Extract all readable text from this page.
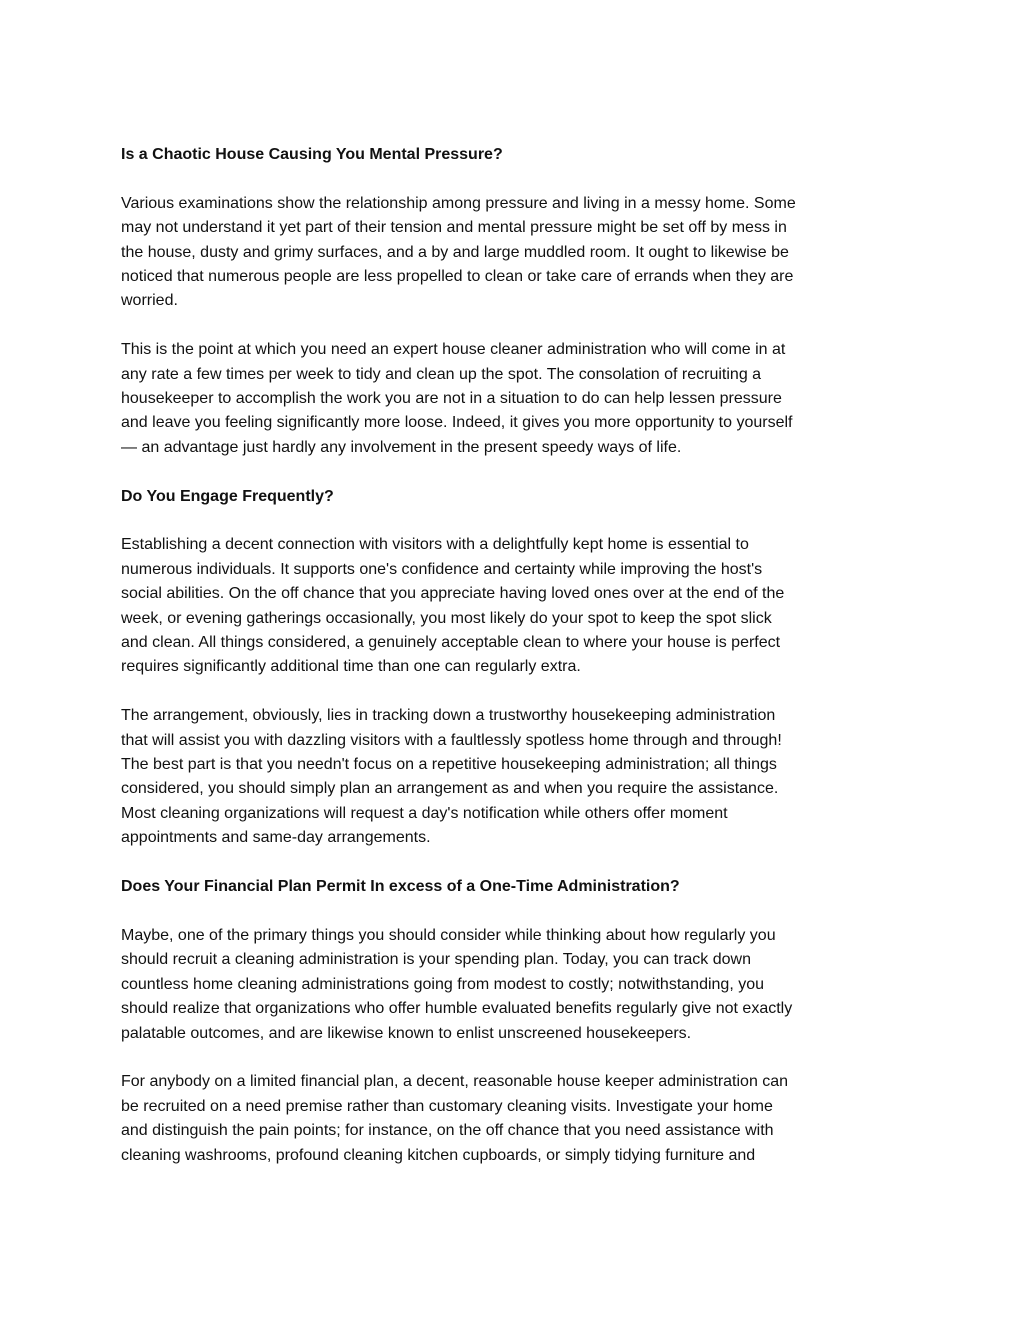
Is a Chaotic House Causing You Mental Pressure?
Various examinations show the relationship among pressure and living in a messy home. Some
may not understand it yet part of their tension and mental pressure might be set off by mess in
the house, dusty and grimy surfaces, and a by and large muddled room. It ought to likewise be
noticed that numerous people are less propelled to clean or take care of errands when they are
worried.
This is the point at which you need an expert house cleaner administration who will come in at
any rate a few times per week to tidy and clean up the spot. The consolation of recruiting a
housekeeper to accomplish the work you are not in a situation to do can help lessen pressure
and leave you feeling significantly more loose. Indeed, it gives you more opportunity to yourself
— an advantage just hardly any involvement in the present speedy ways of life.
Do You Engage Frequently?
Establishing a decent connection with visitors with a delightfully kept home is essential to
numerous individuals. It supports one's confidence and certainty while improving the host's
social abilities. On the off chance that you appreciate having loved ones over at the end of the
week, or evening gatherings occasionally, you most likely do your spot to keep the spot slick
and clean. All things considered, a genuinely acceptable clean to where your house is perfect
requires significantly additional time than one can regularly extra.
The arrangement, obviously, lies in tracking down a trustworthy housekeeping administration
that will assist you with dazzling visitors with a faultlessly spotless home through and through!
The best part is that you needn't focus on a repetitive housekeeping administration; all things
considered, you should simply plan an arrangement as and when you require the assistance.
Most cleaning organizations will request a day's notification while others offer moment
appointments and same-day arrangements.
Does Your Financial Plan Permit In excess of a One-Time Administration?
Maybe, one of the primary things you should consider while thinking about how regularly you
should recruit a cleaning administration is your spending plan. Today, you can track down
countless home cleaning administrations going from modest to costly; notwithstanding, you
should realize that organizations who offer humble evaluated benefits regularly give not exactly
palatable outcomes, and are likewise known to enlist unscreened housekeepers.
For anybody on a limited financial plan, a decent, reasonable house keeper administration can
be recruited on a need premise rather than customary cleaning visits. Investigate your home
and distinguish the pain points; for instance, on the off chance that you need assistance with
cleaning washrooms, profound cleaning kitchen cupboards, or simply tidying furniture and
